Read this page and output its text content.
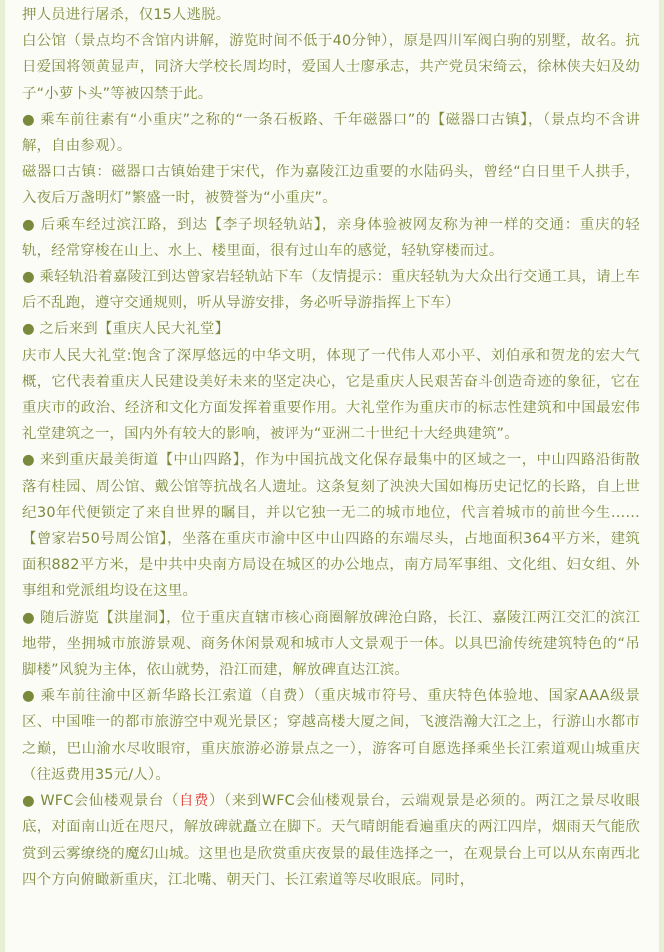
押人员进行屠杀，仅15人逃脱。

白公馆（景点均不含馆内讲解，游览时间不低于40分钟），原是四川军阀白驹的别墅，故名。抗日爱国将领黄显声，同济大学校长周均时，爱国人士廖承志，共产党员宋绮云，徐林侠夫妇及幼子“小萝卜头”等被囚禁于此。

● 乘车前往素有“小重庆”之称的“一条石板路、千年磁器口”的【磁器口古镇】，（景点均不含讲解，自由参观）。

磁器口古镇：磁器口古镇始建于宋代，作为嘉陵江边重要的水陆码头，曾经“白日里千人拱手，入夜后万盏明灯”繁盛一时，被赞誉为“小重庆”。

● 后乘车经过滨江路，到达【李子坝轻轨站】，亲身体验被网友称为神一样的交通：重庆的轻轨，经常穿梭在山上、水上、楼里面，很有过山车的感觉，轻轨穿楼而过。

● 乘轻轨沿着嘉陵江到达曾家岩轻轨站下车（友情提示：重庆轻轨为大众出行交通工具，请上车后不乱跑，遵守交通规则，听从导游安排，务必听导游指挥上下车）

● 之后来到【重庆人民大礼堂】

庆市人民大礼堂:饱含了深厚悠远的中华文明，体现了一代伟人邓小平、刘伯承和贺龙的宏大气概，它代表着重庆人民建设美好未来的坚定决心，它是重庆人民艰苦奋斗创造奇迹的象征，它在重庆市的政治、经济和文化方面发挥着重要作用。大礼堂作为重庆市的标志性建筑和中国最宏伟礼堂建筑之一，国内外有较大的影响，被评为“亚洲二十世纪十大经典建筑”。

● 来到重庆最美街道【中山四路】，作为中国抗战文化保存最集中的区域之一，中山四路沿街散落有桂园、周公馆、戴公馆等抗战名人遗址。这条复刻了泱泱大国如梅历史记忆的长路，自上世纪30年代便锁定了来自世界的瞩目，并以它独一无二的城市地位，代言着城市的前世今生……【曾家岩50号周公馆】，坐落在重庆市渝中区中山四路的东端尽头，占地面积364平方米，建筑面积882平方米，是中共中央南方局设在城区的办公地点，南方局军事组、文化组、妇女组、外事组和党派组均设在这里。

● 随后游览【洪崖洞】，位于重庆直辖市核心商圈解放碑沧白路，长江、嘉陵江两江交汇的滨江地带，坐拥城市旅游景观、商务休闲景观和城市人文景观于一体。以具巴渝传统建筑特色的“吊脚楼”风貌为主体，依山就势，沿江而建，解放碑直达江滨。

● 乘车前往渝中区新华路长江索道（自费）（重庆城市符号、重庆特色体验地、国家AAA级景区、中国唯一的都市旅游空中观光景区；穿越高楼大厦之间，飞渡浩瀚大江之上，行游山水都市之巅，巴山渝水尽收眼帘，重庆旅游必游景点之一），游客可自愿选择乘坐长江索道观山城重庆（往返费用35元/人）。

● WFC会仙楼观景台（自费）（来到WFC会仙楼观景台，云端观景是必须的。两江之景尽收眼底，对面南山近在咫尺，解放碑就矗立在脚下。天气晴朗能看遍重庆的两江四岸，烟雨天气能欣赏到云雾缭绕的魔幻山城。这里也是欣赏重庆夜景的最佳选择之一，在观景台上可以从东南西北四个方向俯瞰新重庆，江北嘴、朝天门、长江索道等尽收眼底。同时，
